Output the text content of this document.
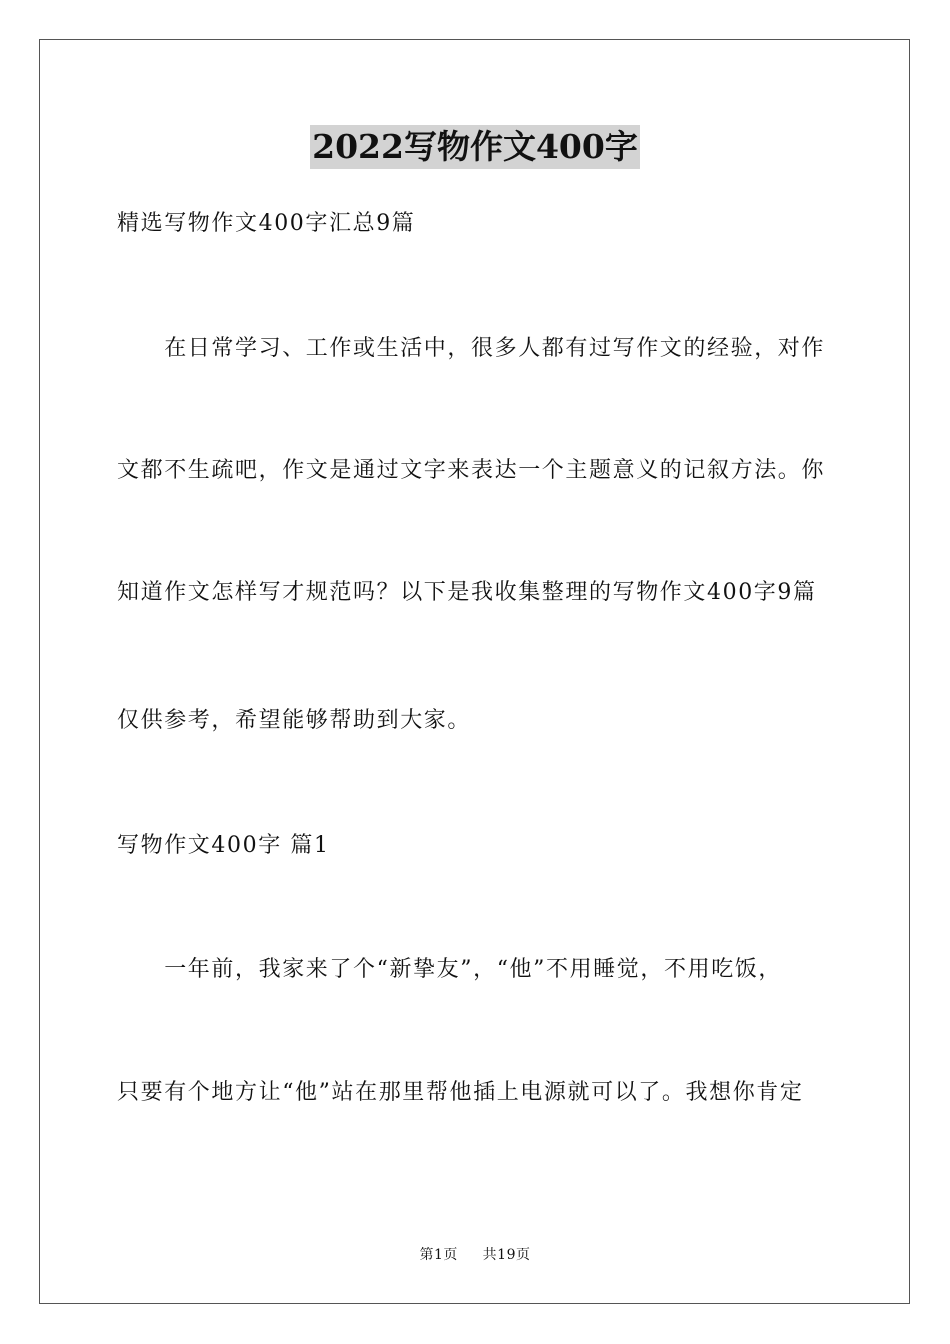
2022写物作文400字
精选写物作文400字汇总9篇
　　在日常学习、工作或生活中，很多人都有过写作文的经验，对作
文都不生疏吧，作文是通过文字来表达一个主题意义的记叙方法。你
知道作文怎样写才规范吗？以下是我收集整理的写物作文400字9篇
仅供参考，希望能够帮助到大家。
写物作文400字 篇1
　　一年前，我家来了个“新挚友”，“他”不用睡觉，不用吃饭，
只要有个地方让“他”站在那里帮他插上电源就可以了。我想你肯定
第1页 共19页
